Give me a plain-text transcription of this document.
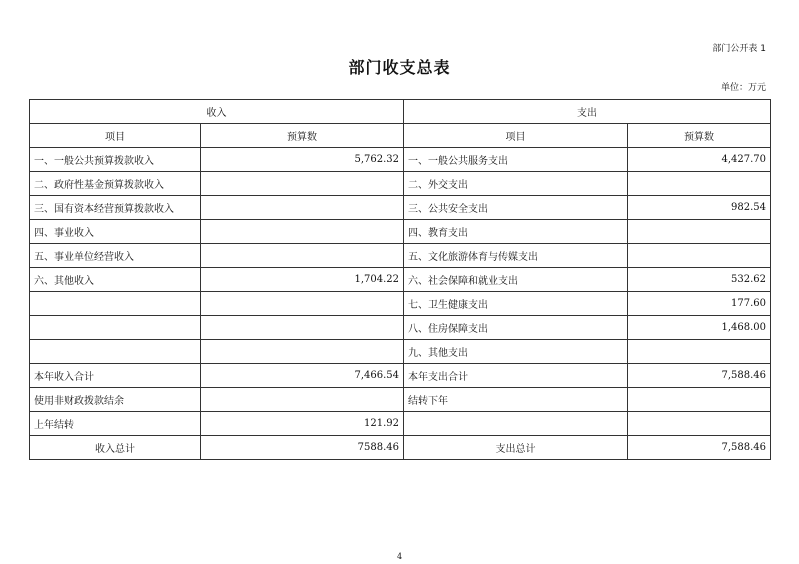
部门公开表 1
部门收支总表
单位：万元
收入		支出	
项目	预算数	项目	预算数
一、一般公共预算拨款收入	5,762.32	一、一般公共服务支出	4,427.70
二、政府性基金预算拨款收入		二、外交支出	
三、国有资本经营预算拨款收入		三、公共安全支出	982.54
四、事业收入		四、教育支出	
五、事业单位经营收入		五、文化旅游体育与传媒支出	
六、其他收入	1,704.22	六、社会保障和就业支出	532.62
		七、卫生健康支出	177.60
		八、住房保障支出	1,468.00
		九、其他支出	
本年收入合计	7,466.54	本年支出合计	7,588.46
使用非财政拨款结余		结转下年	
上年结转	121.92		
收入总计	7588.46	支出总计	7,588.46
4
